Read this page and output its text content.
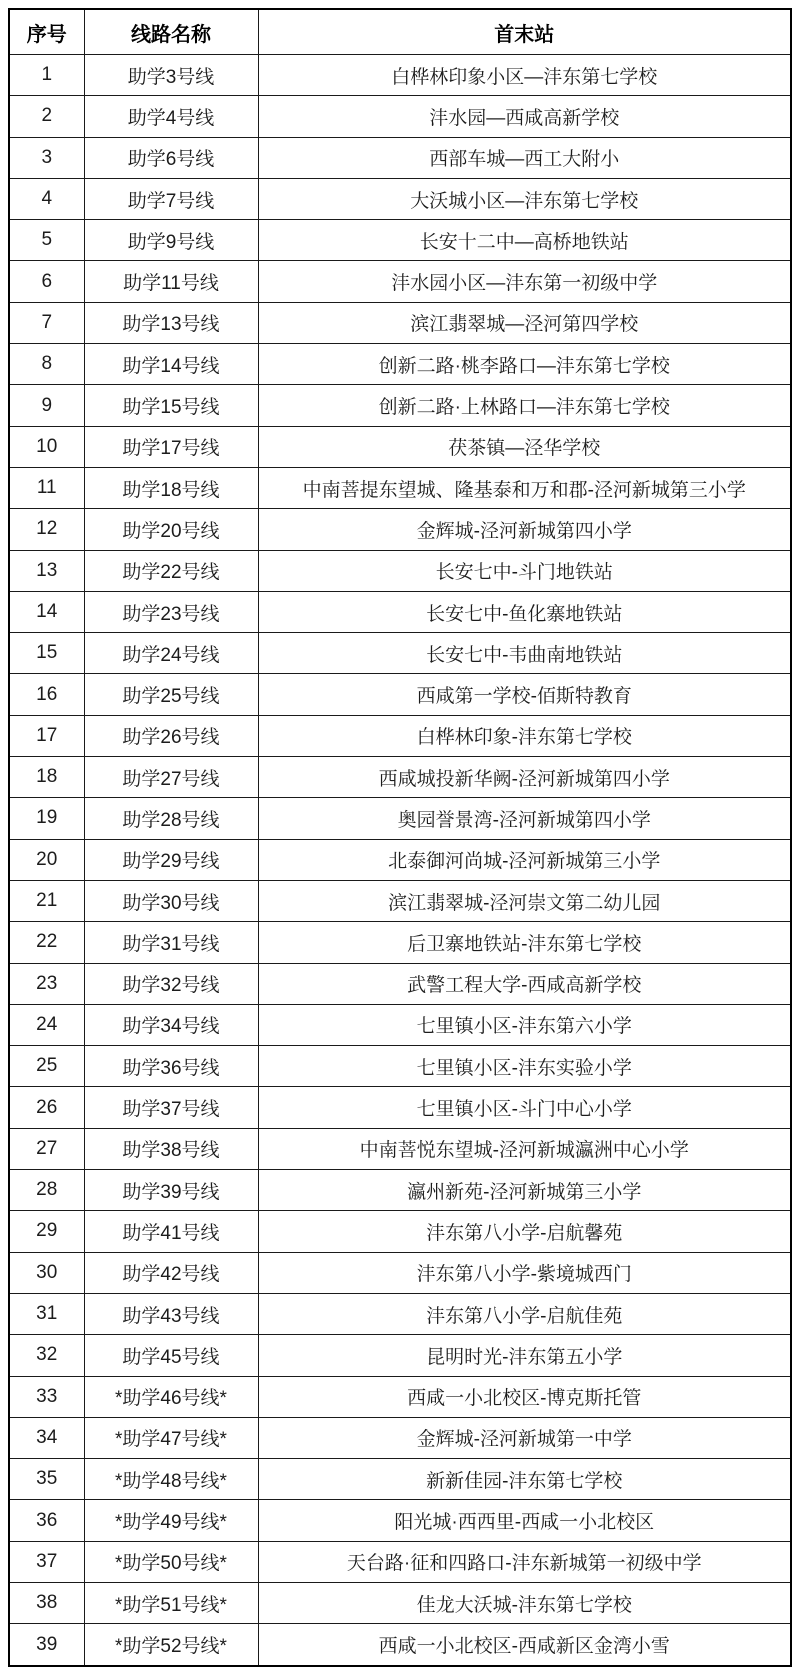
序号	线路名称	首末站
1	助学3号线	白桦林印象小区—沣东第七学校
2	助学4号线	沣水园—西咸高新学校
3	助学6号线	西部车城—西工大附小
4	助学7号线	大沃城小区—沣东第七学校
5	助学9号线	长安十二中—高桥地铁站
6	助学11号线	沣水园小区—沣东第一初级中学
7	助学13号线	滨江翡翠城—泾河第四学校
8	助学14号线	创新二路·桃李路口—沣东第七学校
9	助学15号线	创新二路·上林路口—沣东第七学校
10	助学17号线	茯茶镇—泾华学校
11	助学18号线	中南菩提东望城、隆基泰和万和郡-泾河新城第三小学
12	助学20号线	金辉城-泾河新城第四小学
13	助学22号线	长安七中-斗门地铁站
14	助学23号线	长安七中-鱼化寨地铁站
15	助学24号线	长安七中-韦曲南地铁站
16	助学25号线	西咸第一学校-佰斯特教育
17	助学26号线	白桦林印象-沣东第七学校
18	助学27号线	西咸城投新华阙-泾河新城第四小学
19	助学28号线	奥园誉景湾-泾河新城第四小学
20	助学29号线	北泰御河尚城-泾河新城第三小学
21	助学30号线	滨江翡翠城-泾河崇文第二幼儿园
22	助学31号线	后卫寨地铁站-沣东第七学校
23	助学32号线	武警工程大学-西咸高新学校
24	助学34号线	七里镇小区-沣东第六小学
25	助学36号线	七里镇小区-沣东实验小学
26	助学37号线	七里镇小区-斗门中心小学
27	助学38号线	中南菩悦东望城-泾河新城瀛洲中心小学
28	助学39号线	瀛州新苑-泾河新城第三小学
29	助学41号线	沣东第八小学-启航馨苑
30	助学42号线	沣东第八小学-紫境城西门
31	助学43号线	沣东第八小学-启航佳苑
32	助学45号线	昆明时光-沣东第五小学
33	*助学46号线*	西咸一小北校区-博克斯托管
34	*助学47号线*	金辉城-泾河新城第一中学
35	*助学48号线*	新新佳园-沣东第七学校
36	*助学49号线*	阳光城·西西里-西咸一小北校区
37	*助学50号线*	天台路·征和四路口-沣东新城第一初级中学
38	*助学51号线*	佳龙大沃城-沣东第七学校
39	*助学52号线*	西咸一小北校区-西咸新区金湾小雪
